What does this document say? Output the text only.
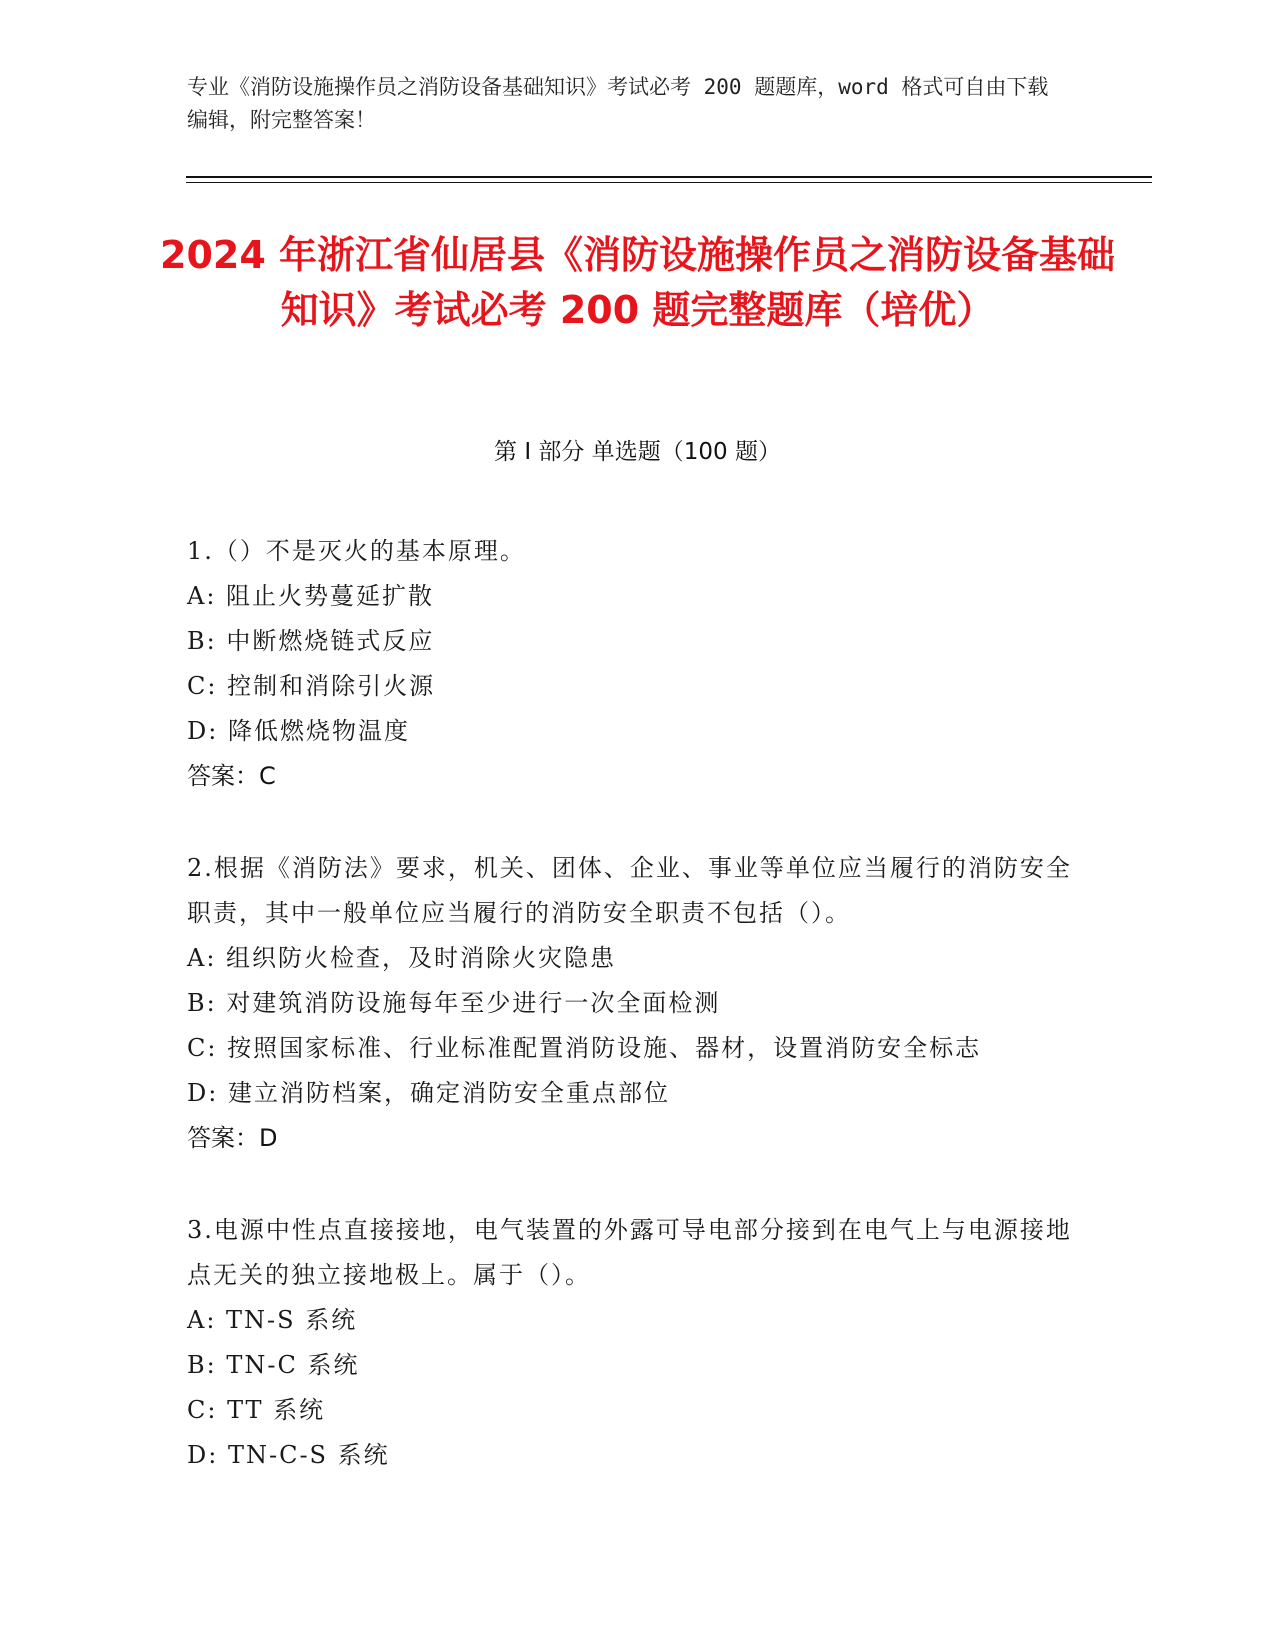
专业《消防设施操作员之消防设备基础知识》考试必考 200 题题库，word 格式可自由下载编辑，附完整答案！
2024 年浙江省仙居县《消防设施操作员之消防设备基础知识》考试必考 200 题完整题库（培优）
第 I 部分 单选题（100 题）
1.（）不是灭火的基本原理。
A: 阻止火势蔓延扩散
B: 中断燃烧链式反应
C: 控制和消除引火源
D: 降低燃烧物温度
答案：C
2.根据《消防法》要求，机关、团体、企业、事业等单位应当履行的消防安全职责，其中一般单位应当履行的消防安全职责不包括（）。
A: 组织防火检查，及时消除火灾隐患
B: 对建筑消防设施每年至少进行一次全面检测
C: 按照国家标准、行业标准配置消防设施、器材，设置消防安全标志
D: 建立消防档案，确定消防安全重点部位
答案：D
3.电源中性点直接接地，电气装置的外露可导电部分接到在电气上与电源接地点无关的独立接地极上。属于（）。
A: TN-S 系统
B: TN-C 系统
C: TT 系统
D: TN-C-S 系统
